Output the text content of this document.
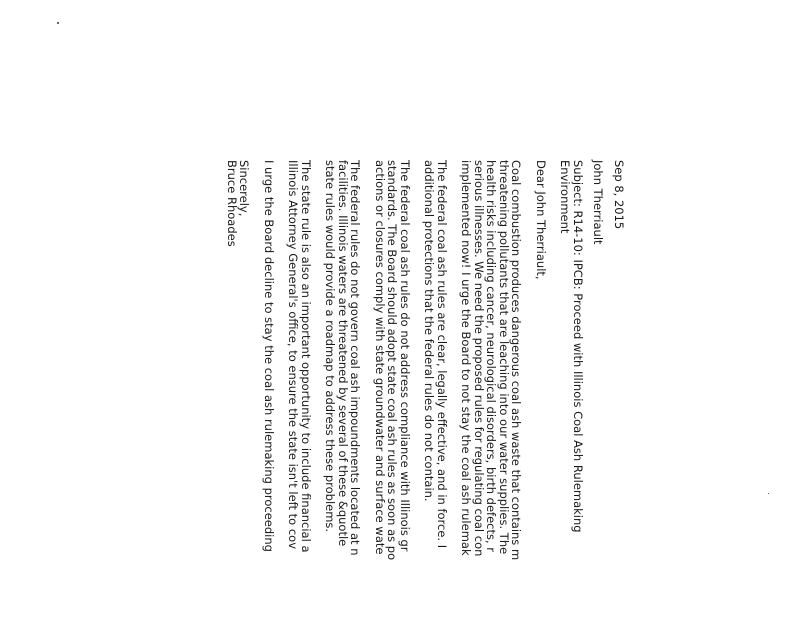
Sep 8, 2015
John Therriault
Subject: R14-10: IPCB: Proceed with Illinois Coal Ash Rulemaking
Environment
Dear John Therriault,
Coal combustion produces dangerous coal ash waste that contains m
threatening pollutants that are leaching into our water supplies. The
health risks including cancer, neurological disorders, birth defects, r
serious illnesses. We need the proposed rules for regulating coal con
implemented now! I urge the Board to not stay the coal ash rulemak
The federal coal ash rules are clear, legally effective, and in force. I
additional protections that the federal rules do not contain.
The federal coal ash rules do not address compliance with Illinois gr
standards. The Board should adopt state coal ash rules as soon as po
actions or closures comply with state groundwater and surface wate
The federal rules do not govern coal ash impoundments located at n
facilities. Illinois waters are threatened by several of these &quotle
state rules would provide a roadmap to address these problems.
The state rule is also an important opportunity to include financial a
Illinois Attorney General's office, to ensure the state isn't left to cov
I urge the Board decline to stay the coal ash rulemaking proceeding
Sincerely,
Bruce Rhoades
